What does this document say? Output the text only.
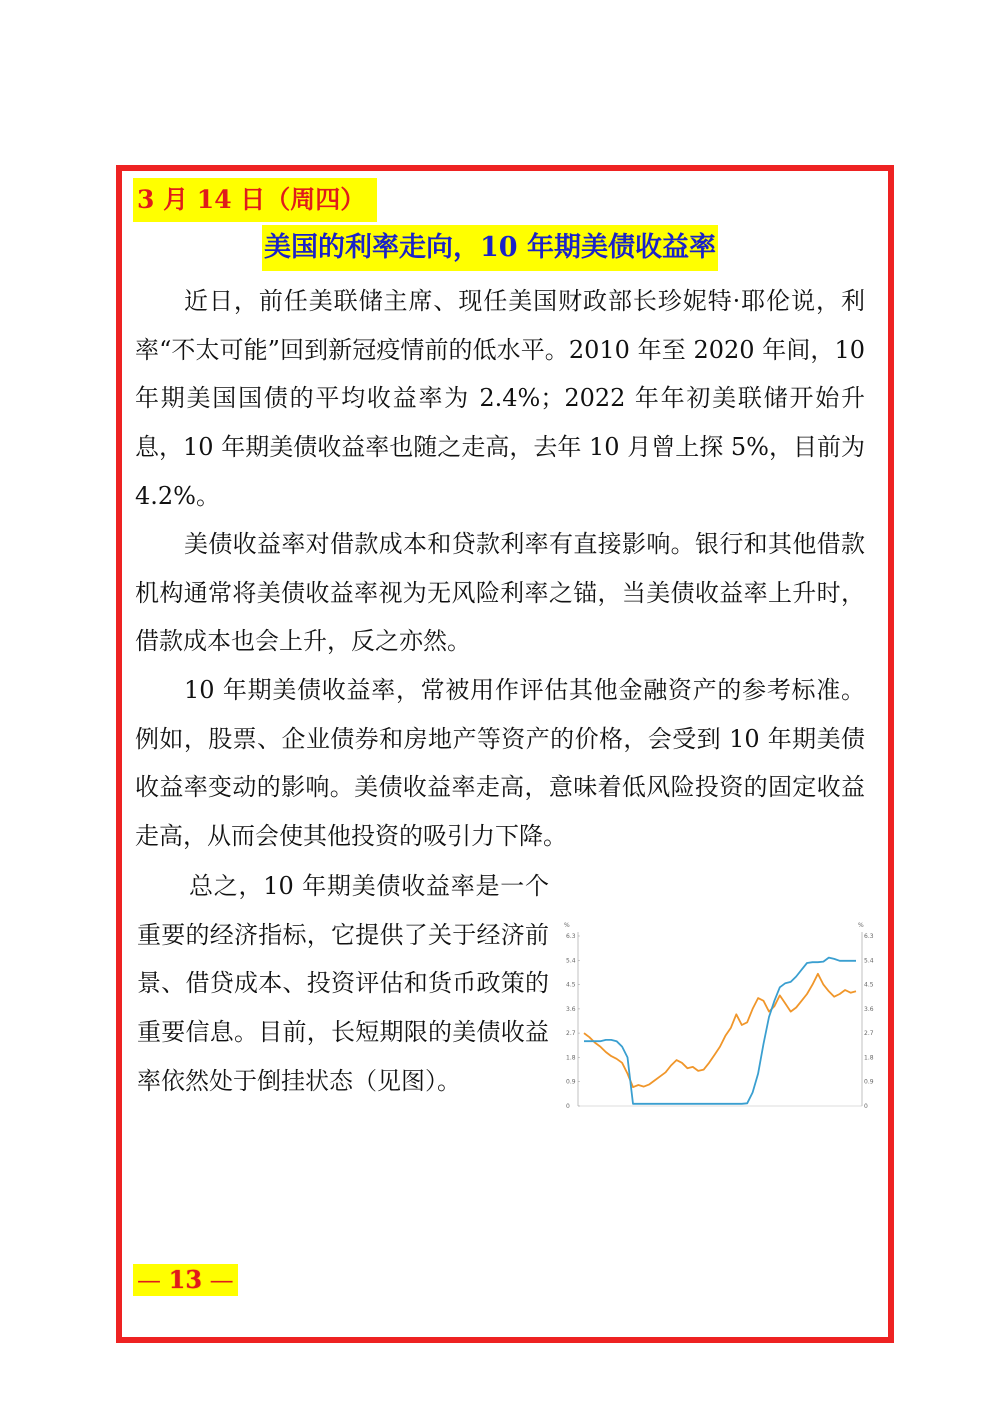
3 月 14 日（周四）
美国的利率走向，10 年期美债收益率

近日，前任美联储主席、现任美国财政部长珍妮特·耶伦说，利率“不太可能”回到新冠疫情前的低水平。2010 年至 2020 年间，10 年期美国国债的平均收益率为 2.4%；2022 年年初美联储开始升息，10 年期美债收益率也随之走高，去年 10 月曾上探 5%，目前为 4.2%。

美债收益率对借款成本和贷款利率有直接影响。银行和其他借款机构通常将美债收益率视为无风险利率之锚，当美债收益率上升时，借款成本也会上升，反之亦然。

10 年期美债收益率，常被用作评估其他金融资产的参考标准。例如，股票、企业债券和房地产等资产的价格，会受到 10 年期美债收益率变动的影响。美债收益率走高，意味着低风险投资的固定收益走高，从而会使其他投资的吸引力下降。

总之，10 年期美债收益率是一个重要的经济指标，它提供了关于经济前景、借贷成本、投资评估和货币政策的重要信息。目前，长短期限的美债收益率依然处于倒挂状态（见图）。

%	%
0
0.9
1.8
2.7
3.6
4.5
5.4
6.3
0
0.9
1.8
2.7
3.6
4.5
5.4
6.3
— 13 —
